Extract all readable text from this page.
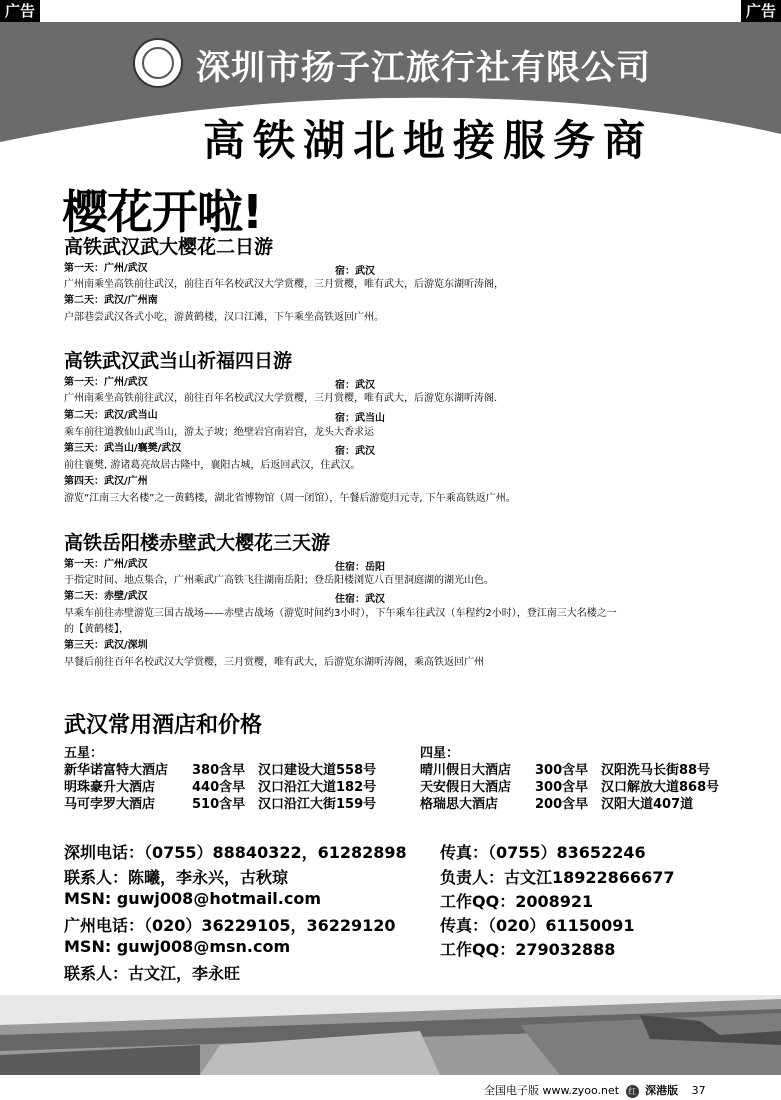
广告	广告
深圳市扬子江旅行社有限公司
高铁湖北地接服务商
樱花开啦!
高铁武汉武大樱花二日游
第一天：广州/武汉	宿：武汉
广州南乘坐高铁前往武汉，前往百年名校武汉大学赏樱，三月赏樱，唯有武大，后游览东湖听涛阁，
第二天：武汉/广州南
户部巷尝武汉各式小吃，游黄鹤楼，汉口江滩，下午乘坐高铁返回广州。
高铁武汉武当山祈福四日游
第一天：广州/武汉	宿：武汉
广州南乘坐高铁前往武汉，前往百年名校武汉大学赏樱，三月赏樱，唯有武大，后游览东湖听涛阁.
第二天：武汉/武当山	宿：武当山
乘车前往道教仙山武当山，游太子坡；绝壁岩宫南岩宫，龙头大香求运
第三天：武当山/襄樊/武汉	宿：武汉
前往襄樊, 游诸葛亮故居古隆中，襄阳古城，后返回武汉，住武汉。
第四天：武汉/广州
游览“江南三大名楼”之一黄鹤楼，湖北省博物馆（周一闭馆），午餐后游览归元寺, 下午乘高铁返广州。
高铁岳阳楼赤壁武大樱花三天游
第一天：广州/武汉	住宿：岳阳
于指定时间、地点集合，广州乘武广高铁飞往湖南岳阳；登岳阳楼浏览八百里洞庭湖的湖光山色。
第二天：赤壁/武汉	住宿：武汉
早乘车前往赤壁游览三国古战场——赤壁古战场（游览时间约3小时），下午乘车往武汉（车程约2小时），登江南三大名楼之一
的【黄鹤楼】，
第三天：武汉/深圳
早餐后前往百年名校武汉大学赏樱，三月赏樱，唯有武大，后游览东湖听涛阁，乘高铁返回广州
武汉常用酒店和价格
五星：
新华诺富特大酒店 380含早 汉口建设大道558号
明珠豪升大酒店	440含早 汉口沿江大道182号
马可孛罗大酒店	510含早 汉口沿江大街159号
四星：
晴川假日大酒店 300含早 汉阳洗马长街88号
天安假日大酒店 300含早 汉口解放大道868号
格瑞思大酒店	200含早 汉阳大道407道
深圳电话：（0755）88840322，61282898 传真：（0755）83652246
联系人：陈曦，李永兴，古秋琼	负责人：古文江18922866677
MSN: guwj008@hotmail.com	工作QQ：2008921
广州电话：（020）36229105，36229120	传真：（020）61150091
MSN: guwj008@msn.com	工作QQ：279032888
联系人：古文江，李永旺
全国电子版 www.zyoo.net 红 深港版 37
